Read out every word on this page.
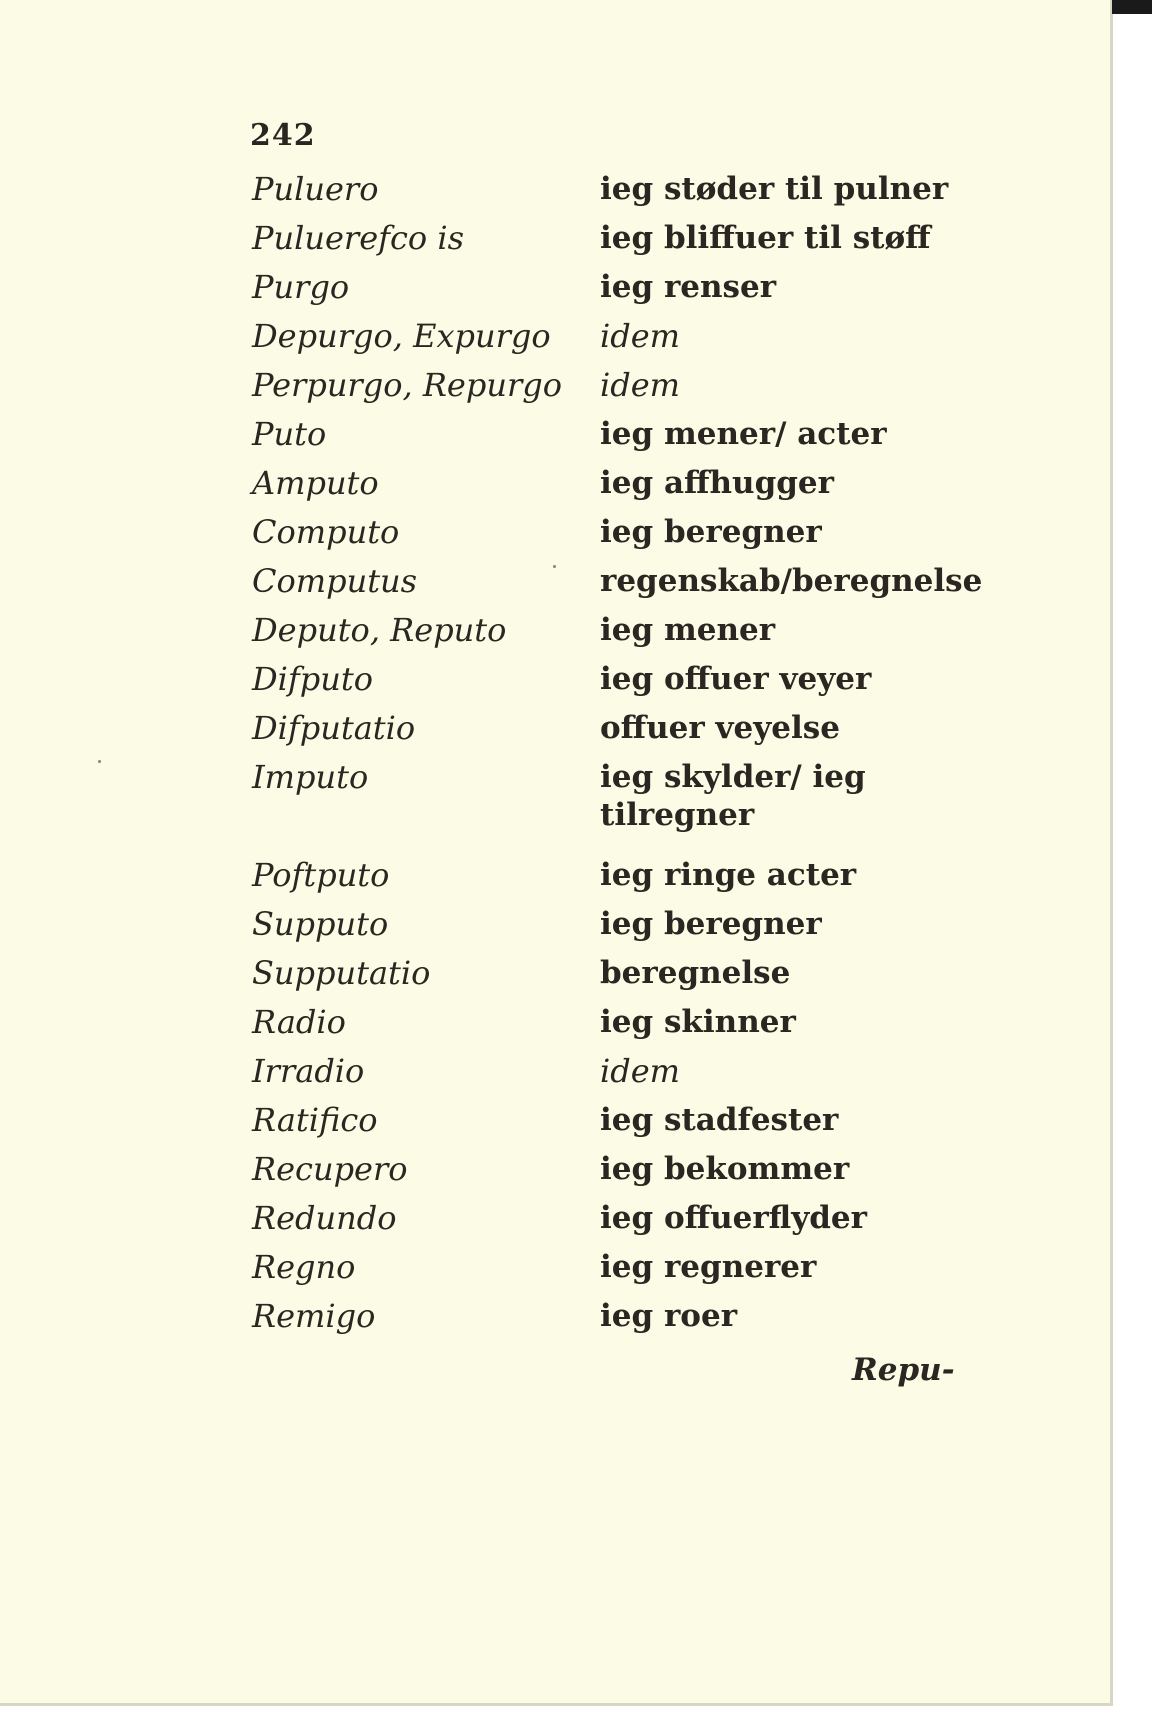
242
Puluero	ieg støder til pulner
Puluerefco is	ieg bliffuer til støff
Purgo	ieg renser
Depurgo, Expurgo	idem
Perpurgo, Repurgo	idem
Puto	ieg mener/ acter
Amputo	ieg affhugger
Computo	ieg beregner
Computus	regenskab/beregnelse
Deputo, Reputo	ieg mener
Difputo	ieg offuer veyer
Difputatio	offuer veyelse
Imputo	ieg skylder/ ieg
tilregner
Poftputo	ieg ringe acter
Supputo	ieg beregner
Supputatio	beregnelse
Radio	ieg skinner
Irradio	idem
Ratifico	ieg stadfester
Recupero	ieg bekommer
Redundo	ieg offuerflyder
Regno	ieg regnerer
Remigo	ieg roer
Repu-
